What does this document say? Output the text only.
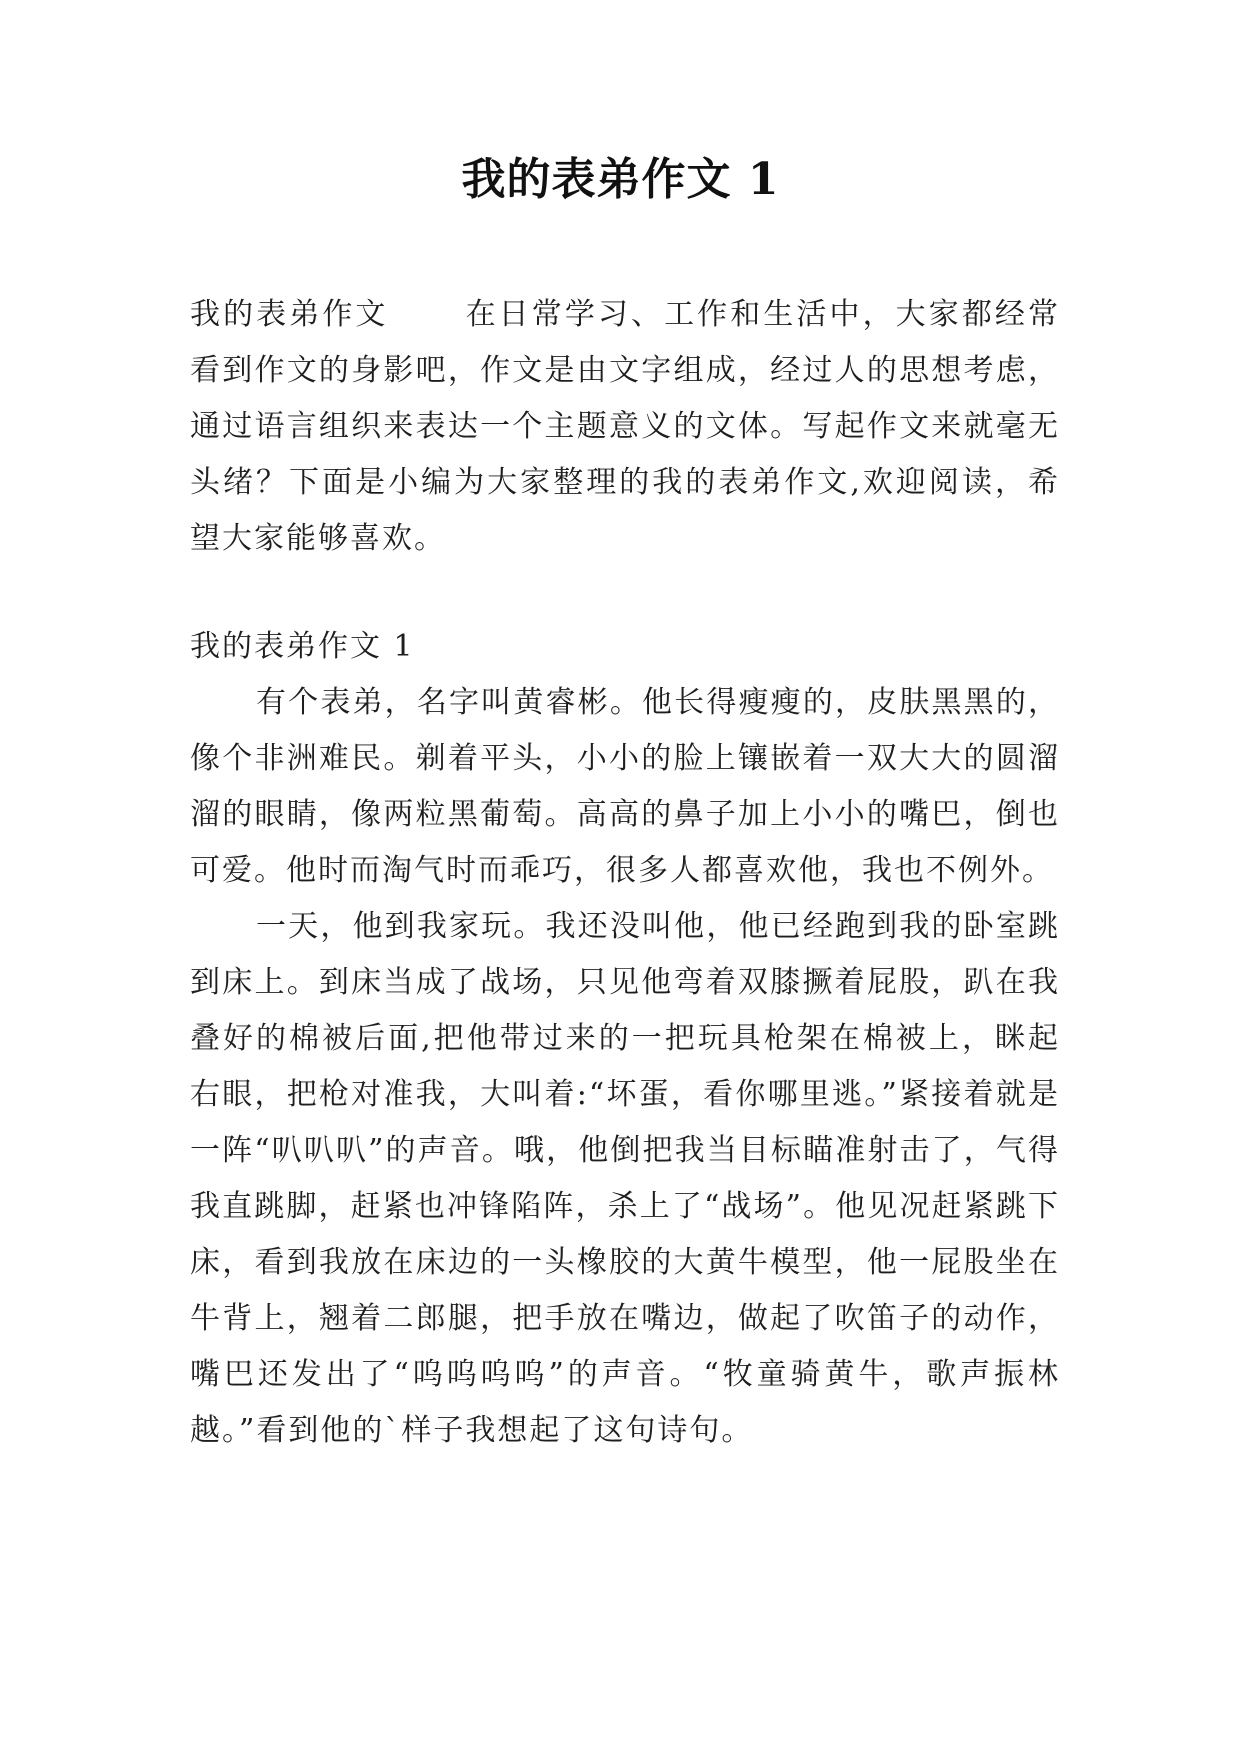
我的表弟作文 1

我的表弟作文	在日常学习、工作和生活中，大家都经常看到作文的身影吧，作文是由文字组成，经过人的思想考虑，通过语言组织来表达一个主题意义的文体。写起作文来就毫无头绪？下面是小编为大家整理的我的表弟作文,欢迎阅读，希望大家能够喜欢。

我的表弟作文 1

有个表弟，名字叫黄睿彬。他长得瘦瘦的，皮肤黑黑的，像个非洲难民。剃着平头，小小的脸上镶嵌着一双大大的圆溜溜的眼睛，像两粒黑葡萄。高高的鼻子加上小小的嘴巴，倒也可爱。他时而淘气时而乖巧，很多人都喜欢他，我也不例外。

一天，他到我家玩。我还没叫他，他已经跑到我的卧室跳到床上。到床当成了战场，只见他弯着双膝撅着屁股，趴在我叠好的棉被后面,把他带过来的一把玩具枪架在棉被上，眯起右眼，把枪对准我，大叫着:“坏蛋，看你哪里逃。”紧接着就是一阵“叭叭叭”的声音。哦，他倒把我当目标瞄准射击了，气得我直跳脚，赶紧也冲锋陷阵，杀上了“战场”。他见况赶紧跳下床，看到我放在床边的一头橡胶的大黄牛模型，他一屁股坐在牛背上，翘着二郎腿，把手放在嘴边，做起了吹笛子的动作，嘴巴还发出了“呜呜呜呜”的声音。“牧童骑黄牛，歌声振林越。”看到他的`样子我想起了这句诗句。
